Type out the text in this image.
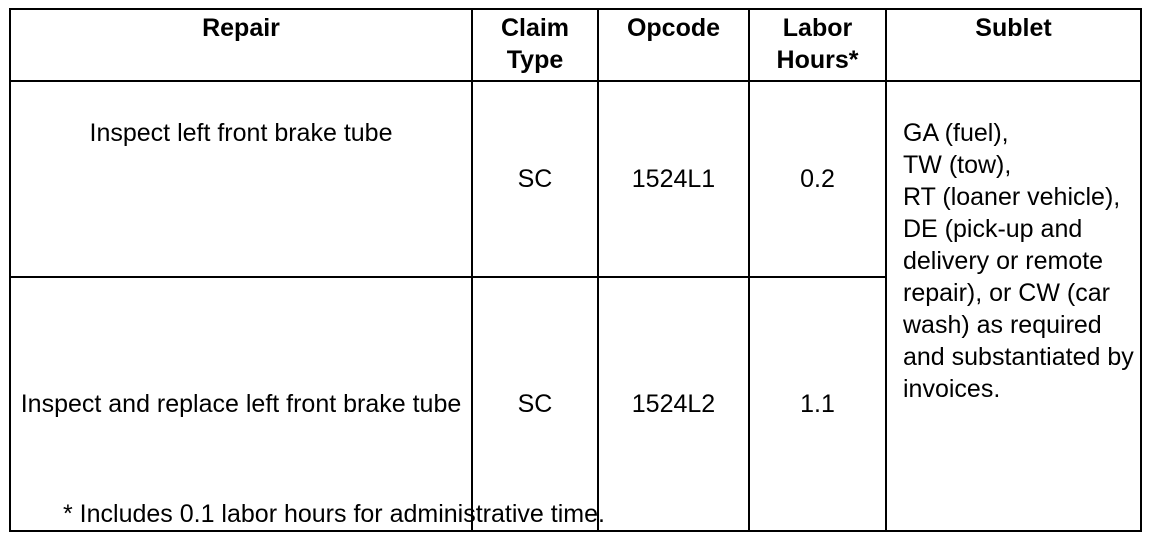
Repair	Claim Type	Opcode	Labor Hours*	Sublet
Inspect left front brake tube	SC	1524L1	0.2	GA (fuel),
TW (tow),
RT (loaner vehicle), DE (pick-up and delivery or remote repair), or CW (car wash) as required and substantiated by invoices.
Inspect and replace left front brake tube	SC	1524L2	1.1	
* Includes 0.1 labor hours for administrative time.
